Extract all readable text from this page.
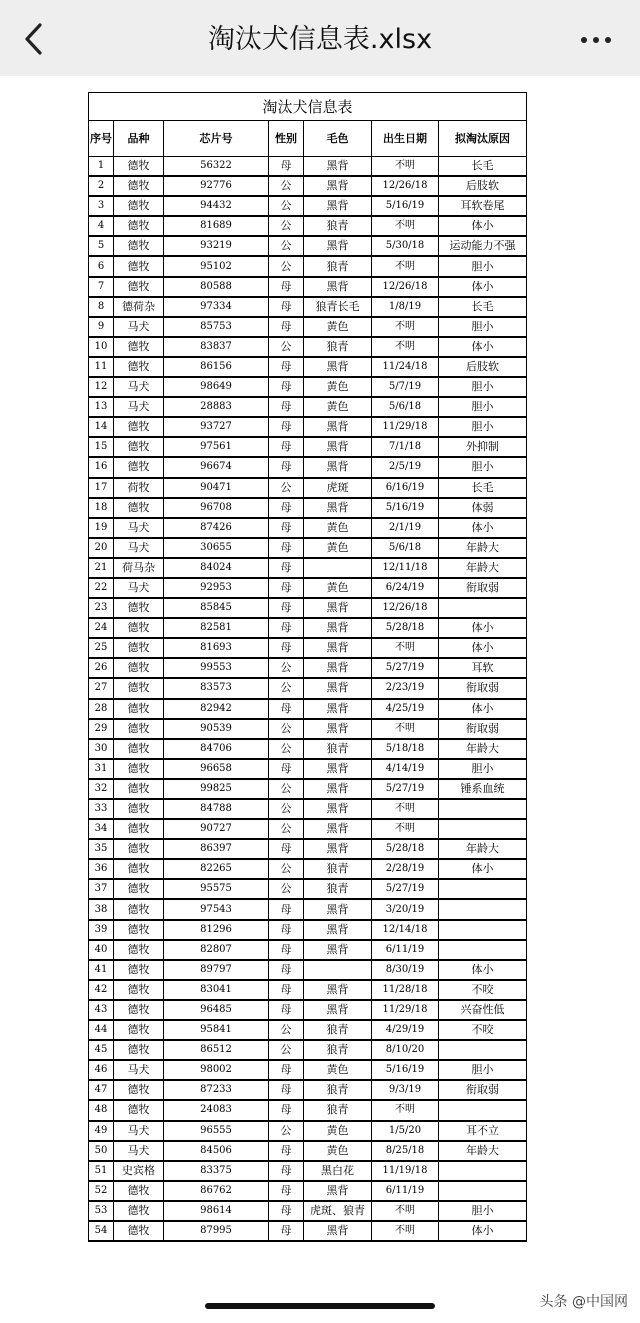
淘汰犬信息表.xlsx
淘汰犬信息表						
序号	品种	芯片号	性别	毛色	出生日期	拟淘汰原因
1	德牧	56322	母	黑背	不明	长毛
2	德牧	92776	公	黑背	12/26/18	后肢软
3	德牧	94432	公	黑背	5/16/19	耳软卷尾
4	德牧	81689	公	狼青	不明	体小
5	德牧	93219	公	黑背	5/30/18	运动能力不强
6	德牧	95102	公	狼青	不明	胆小
7	德牧	80588	母	黑背	12/26/18	体小
8	德荷杂	97334	母	狼青长毛	1/8/19	长毛
9	马犬	85753	母	黄色	不明	胆小
10	德牧	83837	公	狼青	不明	体小
11	德牧	86156	母	黑背	11/24/18	后肢软
12	马犬	98649	母	黄色	5/7/19	胆小
13	马犬	28883	母	黄色	5/6/18	胆小
14	德牧	93727	母	黑背	11/29/18	胆小
15	德牧	97561	母	黑背	7/1/18	外抑制
16	德牧	96674	母	黑背	2/5/19	胆小
17	荷牧	90471	公	虎斑	6/16/19	长毛
18	德牧	96708	母	黑背	5/16/19	体弱
19	马犬	87426	母	黄色	2/1/19	体小
20	马犬	30655	母	黄色	5/6/18	年龄大
21	荷马杂	84024	母		12/11/18	年龄大
22	马犬	92953	母	黄色	6/24/19	衔取弱
23	德牧	85845	母	黑背	12/26/18	
24	德牧	82581	母	黑背	5/28/18	体小
25	德牧	81693	母	黑背	不明	体小
26	德牧	99553	公	黑背	5/27/19	耳软
27	德牧	83573	公	黑背	2/23/19	衔取弱
28	德牧	82942	母	黑背	4/25/19	体小
29	德牧	90539	公	黑背	不明	衔取弱
30	德牧	84706	公	狼青	5/18/18	年龄大
31	德牧	96658	母	黑背	4/14/19	胆小
32	德牧	99825	公	黑背	5/27/19	锤系血统
33	德牧	84788	公	黑背	不明	
34	德牧	90727	公	黑背	不明	
35	德牧	86397	母	黑背	5/28/18	年龄大
36	德牧	82265	公	狼青	2/28/19	体小
37	德牧	95575	公	狼青	5/27/19	
38	德牧	97543	母	黑背	3/20/19	
39	德牧	81296	母	黑背	12/14/18	
40	德牧	82807	母	黑背	6/11/19	
41	德牧	89797	母		8/30/19	体小
42	德牧	83041	母	黑背	11/28/18	不咬
43	德牧	96485	母	黑背	11/29/18	兴奋性低
44	德牧	95841	公	狼青	4/29/19	不咬
45	德牧	86512	公	狼青	8/10/20	
46	马犬	98002	母	黄色	5/16/19	胆小
47	德牧	87233	母	狼青	9/3/19	衔取弱
48	德牧	24083	母	狼青	不明	
49	马犬	96555	公	黄色	1/5/20	耳不立
50	马犬	84506	母	黄色	8/25/18	年龄大
51	史宾格	83375	母	黑白花	11/19/18	
52	德牧	86762	母	黑背	6/11/19	
53	德牧	98614	母	虎斑、狼青	不明	胆小
54	德牧	87995	母	黑背	不明	体小
头条 @中国网
